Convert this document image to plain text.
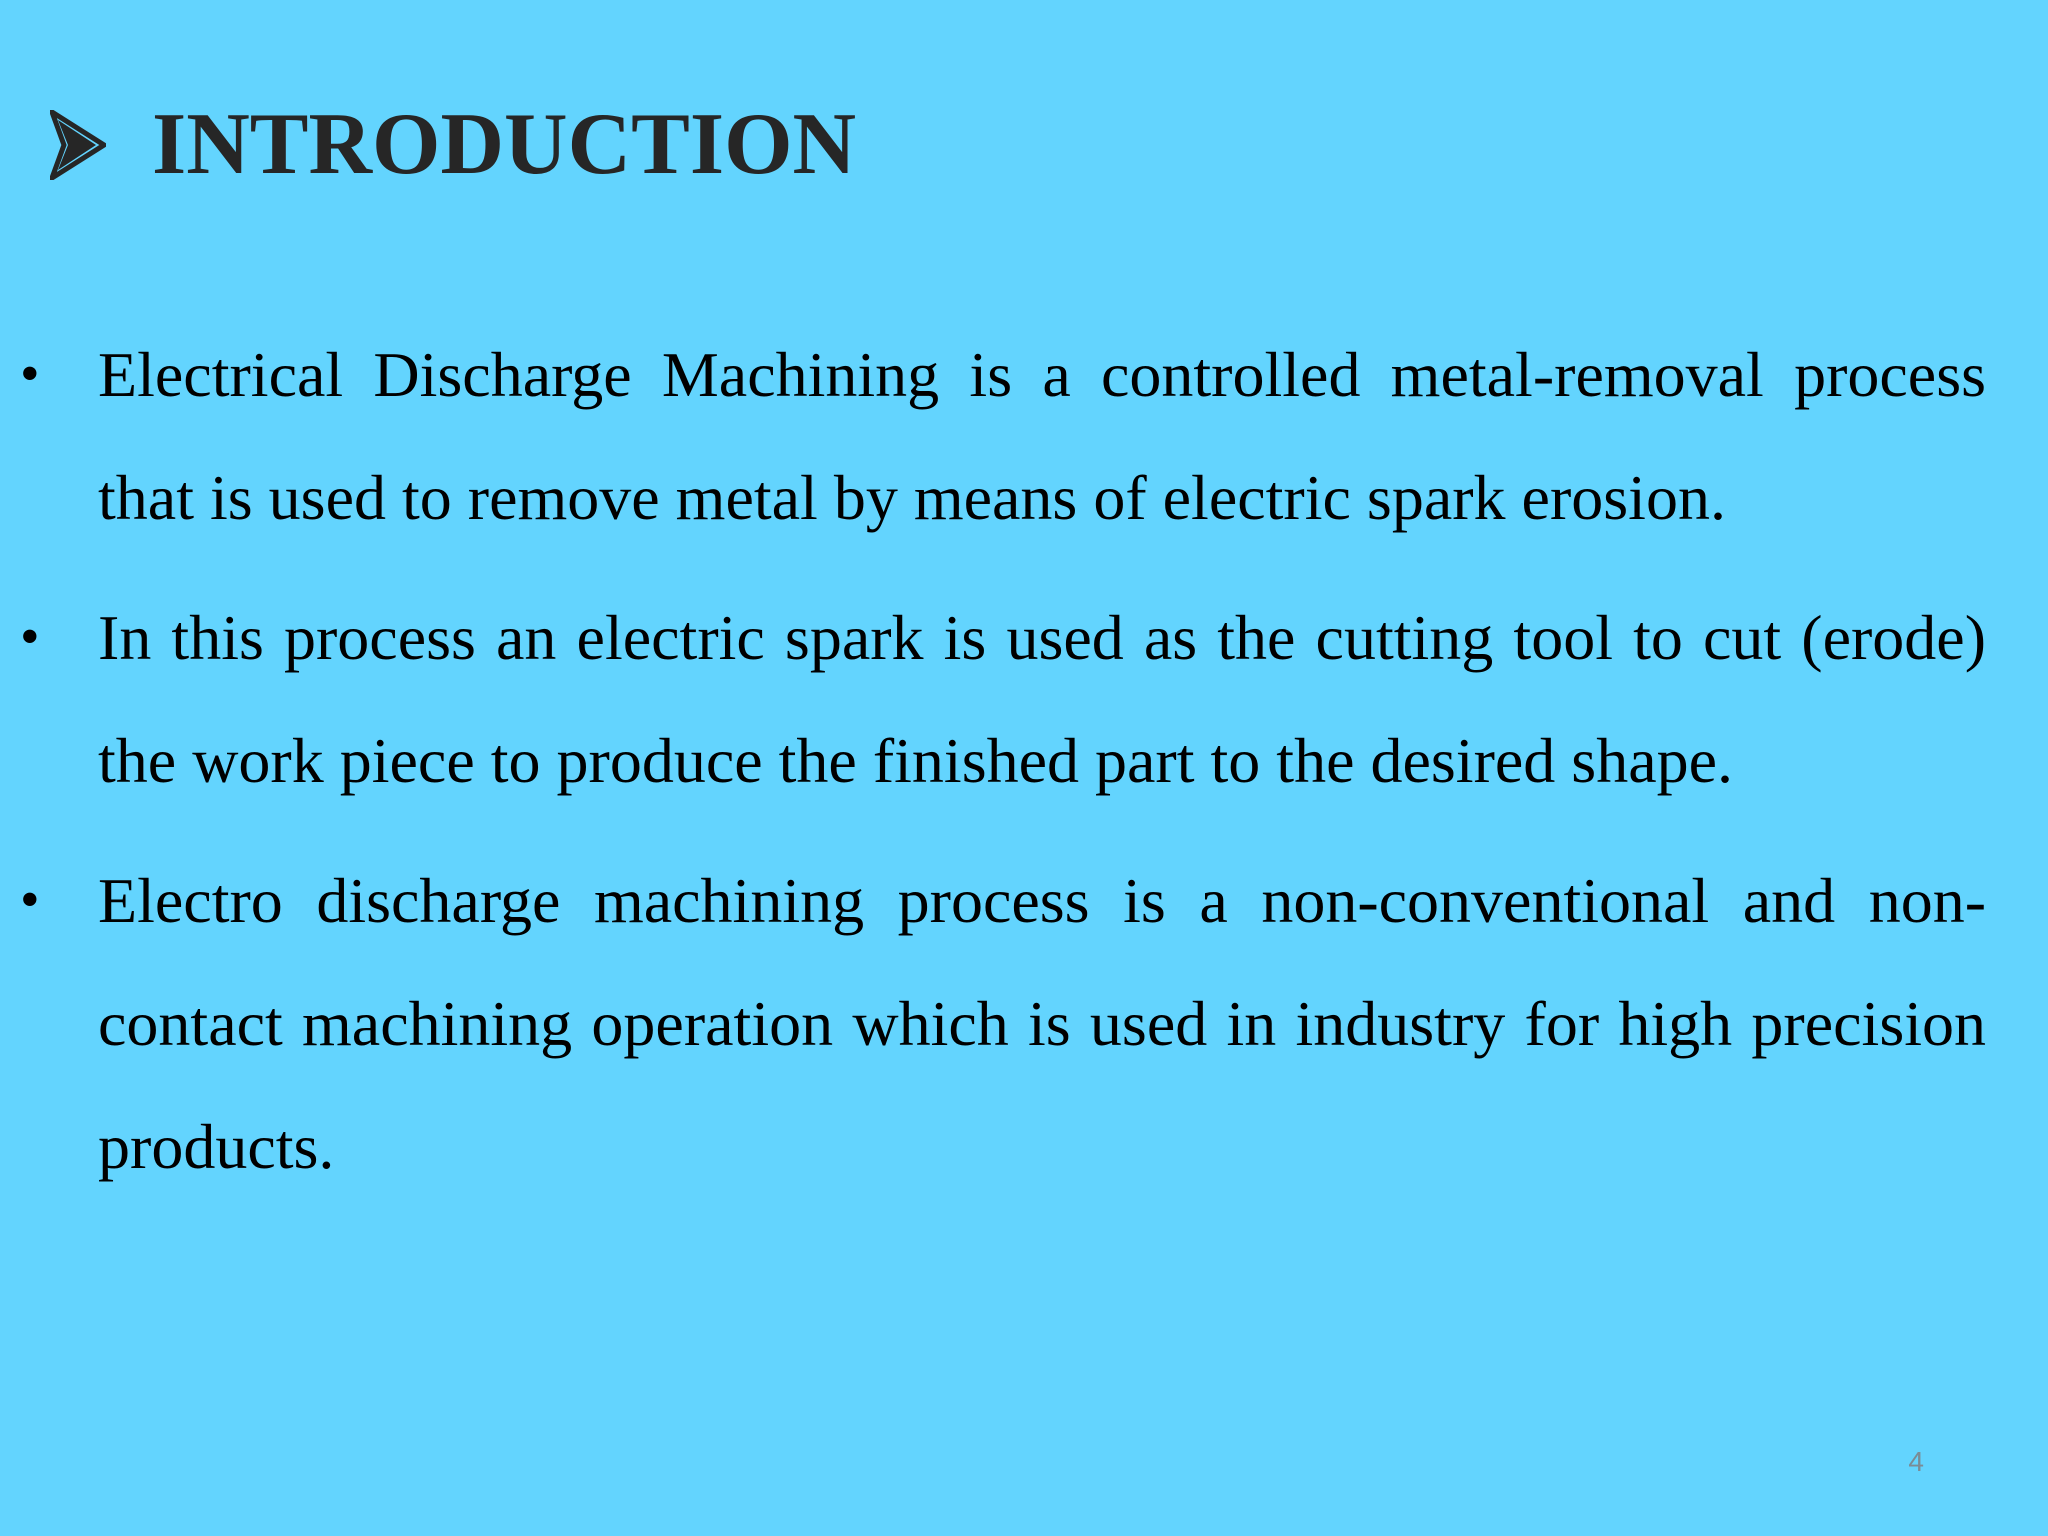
INTRODUCTION
• Electrical Discharge Machining is a controlled metal-removal process that is used to remove metal by means of electric spark erosion.
• In this process an electric spark is used as the cutting tool to cut (erode) the work piece to produce the finished part to the desired shape.
• Electro discharge machining process is a non-conventional and non-contact machining operation which is used in industry for high precision products.
4
